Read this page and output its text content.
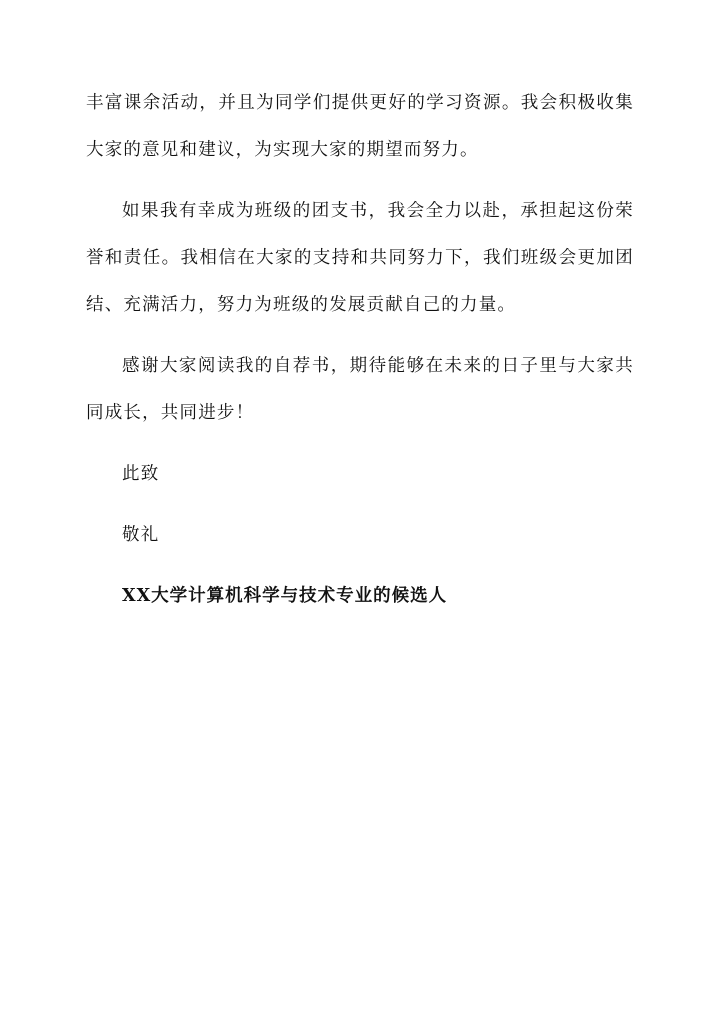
丰富课余活动，并且为同学们提供更好的学习资源。我会积极收集大家的意见和建议，为实现大家的期望而努力。

如果我有幸成为班级的团支书，我会全力以赴，承担起这份荣誉和责任。我相信在大家的支持和共同努力下，我们班级会更加团结、充满活力，努力为班级的发展贡献自己的力量。

感谢大家阅读我的自荐书，期待能够在未来的日子里与大家共同成长，共同进步！

此致

敬礼

XX大学计算机科学与技术专业的候选人
